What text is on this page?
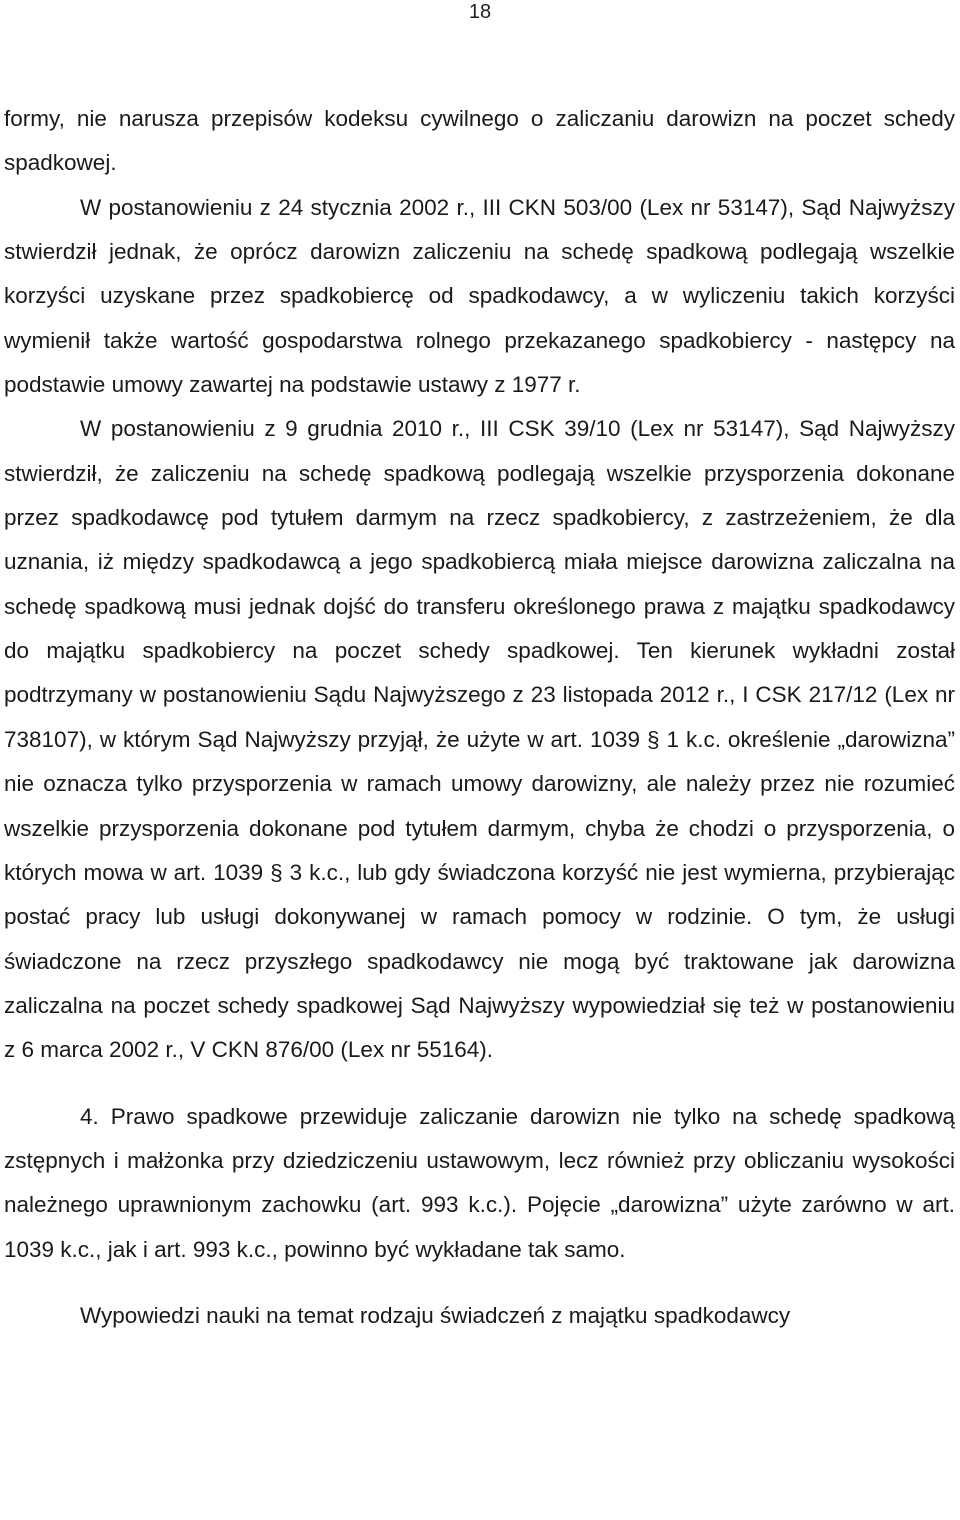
18

formy, nie narusza przepisów kodeksu cywilnego o zaliczaniu darowizn na poczet schedy spadkowej.

W postanowieniu z 24 stycznia 2002 r., III CKN 503/00 (Lex nr 53147), Sąd Najwyższy stwierdził jednak, że oprócz darowizn zaliczeniu na schedę spadkową podlegają wszelkie korzyści uzyskane przez spadkobiercę od spadkodawcy, a w wyliczeniu takich korzyści wymienił także wartość gospodarstwa rolnego przekazanego spadkobiercy - następcy na podstawie umowy zawartej na podstawie ustawy z 1977 r.

W postanowieniu z 9 grudnia 2010 r., III CSK 39/10 (Lex nr 53147), Sąd Najwyższy stwierdził, że zaliczeniu na schedę spadkową podlegają wszelkie przysporzenia dokonane przez spadkodawcę pod tytułem darmym na rzecz spadkobiercy, z zastrzeżeniem, że dla uznania, iż między spadkodawcą a jego spadkobiercą miała miejsce darowizna zaliczalna na schedę spadkową musi jednak dojść do transferu określonego prawa z majątku spadkodawcy do majątku spadkobiercy na poczet schedy spadkowej. Ten kierunek wykładni został podtrzymany w postanowieniu Sądu Najwyższego z 23 listopada 2012 r., I CSK 217/12 (Lex nr 738107), w którym Sąd Najwyższy przyjął, że użyte w art. 1039 § 1 k.c. określenie „darowizna” nie oznacza tylko przysporzenia w ramach umowy darowizny, ale należy przez nie rozumieć wszelkie przysporzenia dokonane pod tytułem darmym, chyba że chodzi o przysporzenia, o których mowa w art. 1039 § 3 k.c., lub gdy świadczona korzyść nie jest wymierna, przybierając postać pracy lub usługi dokonywanej w ramach pomocy w rodzinie. O tym, że usługi świadczone na rzecz przyszłego spadkodawcy nie mogą być traktowane jak darowizna zaliczalna na poczet schedy spadkowej Sąd Najwyższy wypowiedział się też w postanowieniu z 6 marca 2002 r., V CKN 876/00 (Lex nr 55164).

4. Prawo spadkowe przewiduje zaliczanie darowizn nie tylko na schedę spadkową zstępnych i małżonka przy dziedziczeniu ustawowym, lecz również przy obliczaniu wysokości należnego uprawnionym zachowku (art. 993 k.c.). Pojęcie „darowizna” użyte zarówno w art. 1039 k.c., jak i art. 993 k.c., powinno być wykładane tak samo.

Wypowiedzi nauki na temat rodzaju świadczeń z majątku spadkodawcy
